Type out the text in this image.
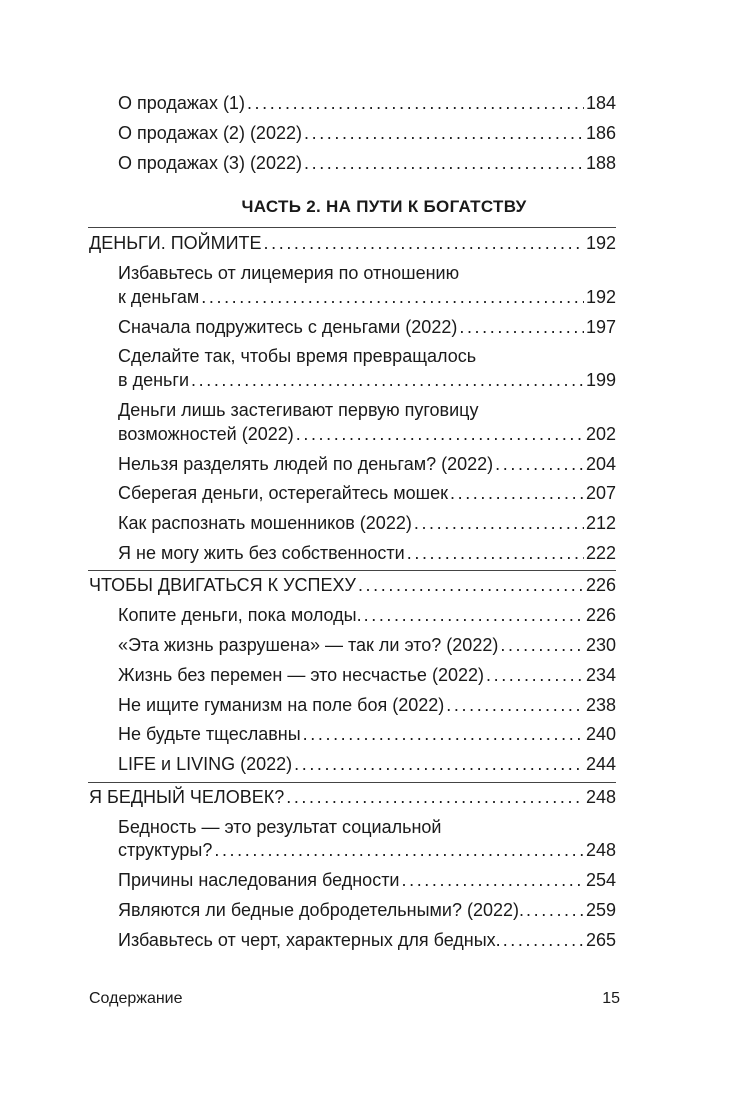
О продажах (1) . . .	184
О продажах (2) (2022) . . .	186
О продажах (3) (2022) . . .	188
ЧАСТЬ 2. НА ПУТИ К БОГАТСТВУ
ДЕНЬГИ. ПОЙМИТЕ . . .	192
Избавьтесь от лицемерия по отношению
к деньгам . . .	192
Сначала подружитесь с деньгами (2022) . . .	197
Сделайте так, чтобы время превращалось
в деньги . . .	199
Деньги лишь застегивают первую пуговицу
возможностей (2022) . . .	202
Нельзя разделять людей по деньгам? (2022) . . .	204
Сберегая деньги, остерегайтесь мошек . . .	207
Как распознать мошенников (2022) . . .	212
Я не могу жить без собственности . . .	222
ЧТОБЫ ДВИГАТЬСЯ К УСПЕХУ . . .	226
Копите деньги, пока молоды. . . .	226
«Эта жизнь разрушена» — так ли это? (2022) . . .	230
Жизнь без перемен — это несчастье (2022) . . .	234
Не ищите гуманизм на поле боя (2022) . . .	238
Не будьте тщеславны . . .	240
LIFE и LIVING (2022) . . .	244
Я БЕДНЫЙ ЧЕЛОВЕК? . . .	248
Бедность — это результат социальной
структуры? . . .	248
Причины наследования бедности . . .	254
Являются ли бедные добродетельными? (2022). . . .	259
Избавьтесь от черт, характерных для бедных. . . .	265
Содержание	15
